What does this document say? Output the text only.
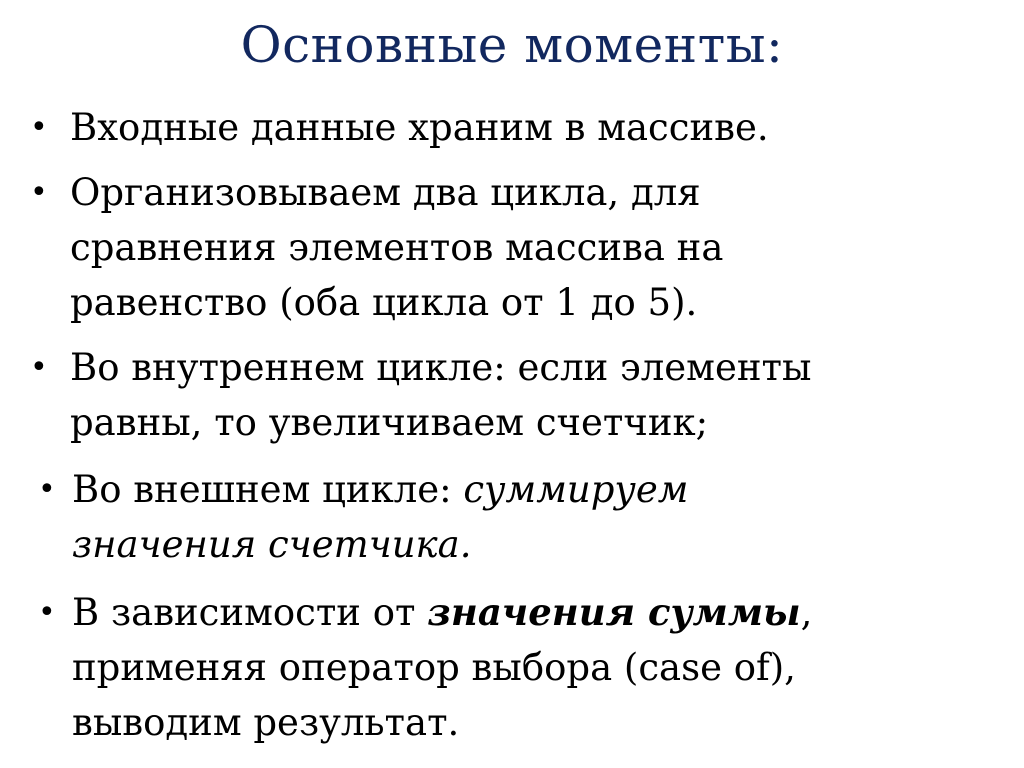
Основные моменты:
• Входные данные храним в массиве.
• Организовываем два цикла, для
сравнения элементов массива на
равенство (оба цикла от 1 до 5).
• Во внутреннем цикле: если элементы
равны, то увеличиваем счетчик;
• Во внешнем цикле: суммируем
значения счетчика.
• В зависимости от значения суммы,
применяя оператор выбора (case of),
выводим результат.
